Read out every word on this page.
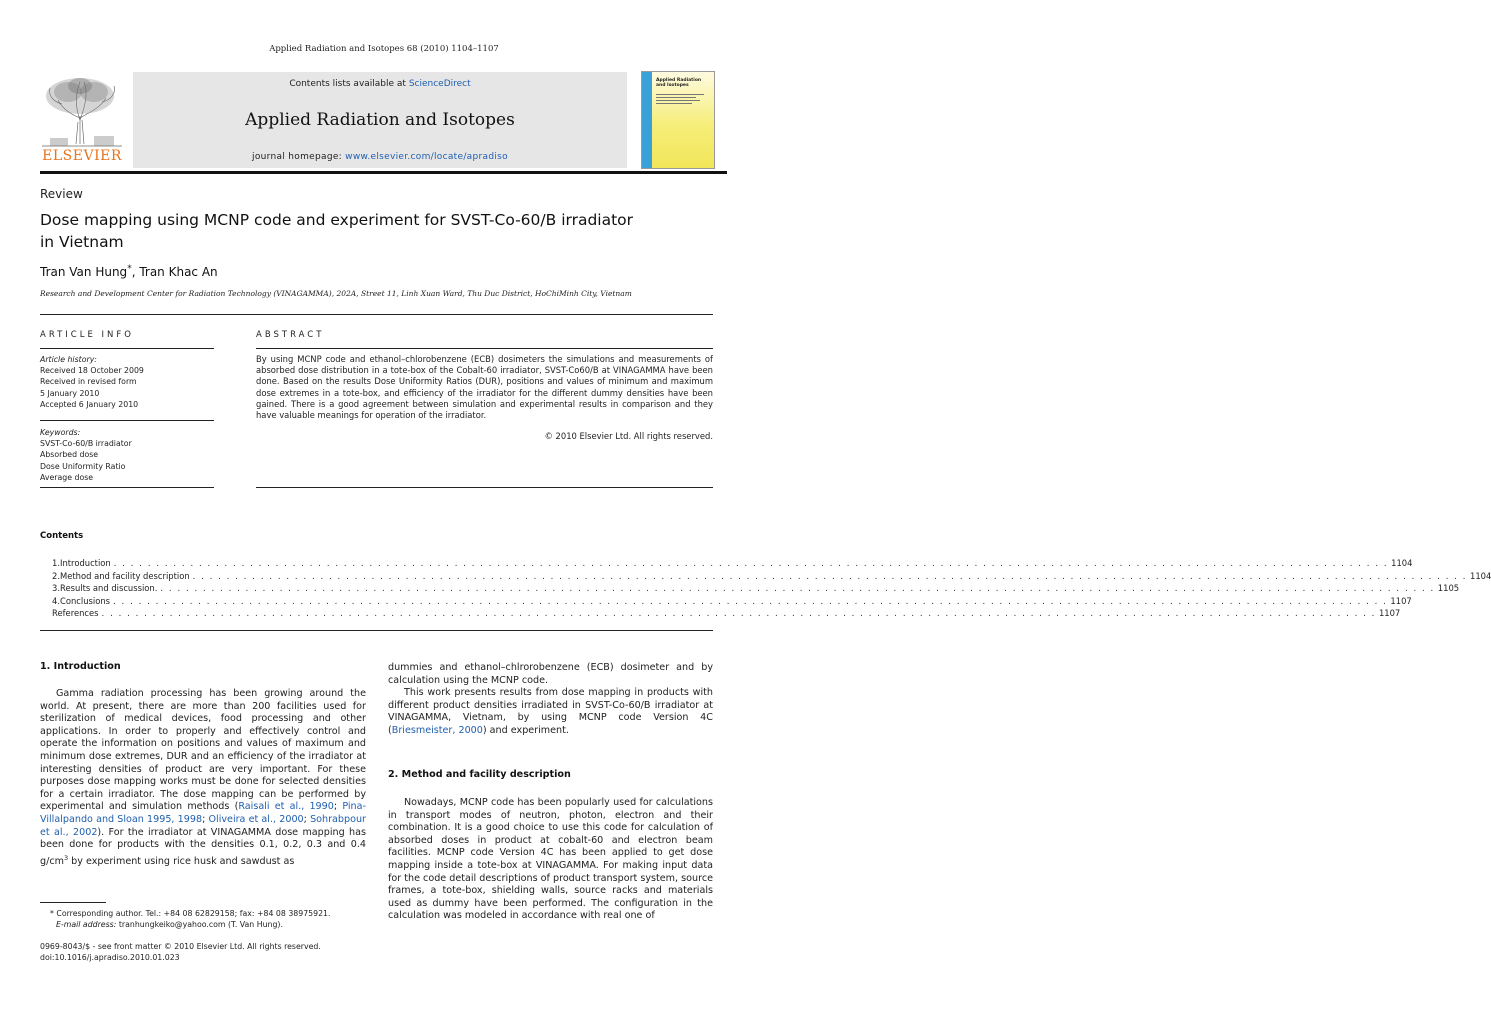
Applied Radiation and Isotopes 68 (2010) 1104–1107
ELSEVIER
Contents lists available at ScienceDirect
Applied Radiation and Isotopes
journal homepage: www.elsevier.com/locate/apradiso
Applied Radiation and Isotopes
Review
Dose mapping using MCNP code and experiment for SVST-Co-60/B irradiator
in Vietnam
Tran Van Hung*, Tran Khac An
Research and Development Center for Radiation Technology (VINAGAMMA), 202A, Street 11, Linh Xuan Ward, Thu Duc District, HoChiMinh City, Vietnam
ARTICLE INFO	ABSTRACT
Article history:
Received 18 October 2009
Received in revised form
5 January 2010
Accepted 6 January 2010
Keywords:
SVST-Co-60/B irradiator
Absorbed dose
Dose Uniformity Ratio
Average dose
By using MCNP code and ethanol–chlorobenzene (ECB) dosimeters the simulations and measurements of absorbed dose distribution in a tote-box of the Cobalt-60 irradiator, SVST-Co60/B at VINAGAMMA have been done. Based on the results Dose Uniformity Ratios (DUR), positions and values of minimum and maximum dose extremes in a tote-box, and efficiency of the irradiator for the different dummy densities have been gained. There is a good agreement between simulation and experimental results in comparison and they have valuable meanings for operation of the irradiator.
© 2010 Elsevier Ltd. All rights reserved.
Contents
1. Introduction . . . . . . . . . . . . . . . . . . . . . . . . . . . . . . . . . . . . . . . . . . . . . . . . . . . . . . . . . . . . . . . . . . . . . . . . . . . . . . . . . . . . . . . . . . . . . . . . . . . . . . . . . . . . . . . . . . . . . . . . . . . . . . . . . . . . . . . . . . . . . . . . . . . . . . 1104
2. Method and facility description . . . . . . . . . . . . . . . . . . . . . . . . . . . . . . . . . . . . . . . . . . . . . . . . . . . . . . . . . . . . . . . . . . . . . . . . . . . . . . . . . . . . . . . . . . . . . . . . . . . . . . . . . . . . . . . . . . . . . . . . . . . . . . . . . . . . . . . . . . . . . . . . . . . . . . 1104
3. Results and discussion. . . . . . . . . . . . . . . . . . . . . . . . . . . . . . . . . . . . . . . . . . . . . . . . . . . . . . . . . . . . . . . . . . . . . . . . . . . . . . . . . . . . . . . . . . . . . . . . . . . . . . . . . . . . . . . . . . . . . . . . . . . . . . . . . . . . . . . . . . . . . . . . . . . . . . . 1105
4. Conclusions . . . . . . . . . . . . . . . . . . . . . . . . . . . . . . . . . . . . . . . . . . . . . . . . . . . . . . . . . . . . . . . . . . . . . . . . . . . . . . . . . . . . . . . . . . . . . . . . . . . . . . . . . . . . . . . . . . . . . . . . . . . . . . . . . . . . . . . . . . . . . . . . . . . . . . 1107
References . . . . . . . . . . . . . . . . . . . . . . . . . . . . . . . . . . . . . . . . . . . . . . . . . . . . . . . . . . . . . . . . . . . . . . . . . . . . . . . . . . . . . . . . . . . . . . . . . . . . . . . . . . . . . . . . . . . . . . . . . . . . . . . . . . . . . . . . . . . . . . . . . . . . . . 1107
1. Introduction

Gamma radiation processing has been growing around the world. At present, there are more than 200 facilities used for sterilization of medical devices, food processing and other applications. In order to properly and effectively control and operate the information on positions and values of maximum and minimum dose extremes, DUR and an efficiency of the irradiator at interesting densities of product are very important. For these purposes dose mapping works must be done for selected densities for a certain irradiator. The dose mapping can be performed by experimental and simulation methods (Raisali et al., 1990; Pina-Villalpando and Sloan 1995, 1998; Oliveira et al., 2000; Sohrabpour et al., 2002). For the irradiator at VINAGAMMA dose mapping has been done for products with the densities 0.1, 0.2, 0.3 and 0.4 $g/cm^3$ by experiment using rice husk and sawdust as

* Corresponding author. Tel.: +84 08 62829158; fax: +84 08 38975921.
E-mail address: tranhungkeiko@yahoo.com (T. Van Hung).
0969-8043/$ - see front matter © 2010 Elsevier Ltd. All rights reserved.
doi:10.1016/j.apradiso.2010.01.023
dummies and ethanol–chlrorobenzene (ECB) dosimeter and by calculation using the MCNP code.

This work presents results from dose mapping in products with different product densities irradiated in SVST-Co-60/B irradiator at VINAGAMMA, Vietnam, by using MCNP code Version 4C (Briesmeister, 2000) and experiment.

2. Method and facility description

Nowadays, MCNP code has been popularly used for calculations in transport modes of neutron, photon, electron and their combination. It is a good choice to use this code for calculation of absorbed doses in product at cobalt-60 and electron beam facilities. MCNP code Version 4C has been applied to get dose mapping inside a tote-box at VINAGAMMA. For making input data for the code detail descriptions of product transport system, source frames, a tote-box, shielding walls, source racks and materials used as dummy have been performed. The configuration in the calculation was modeled in accordance with real one of
